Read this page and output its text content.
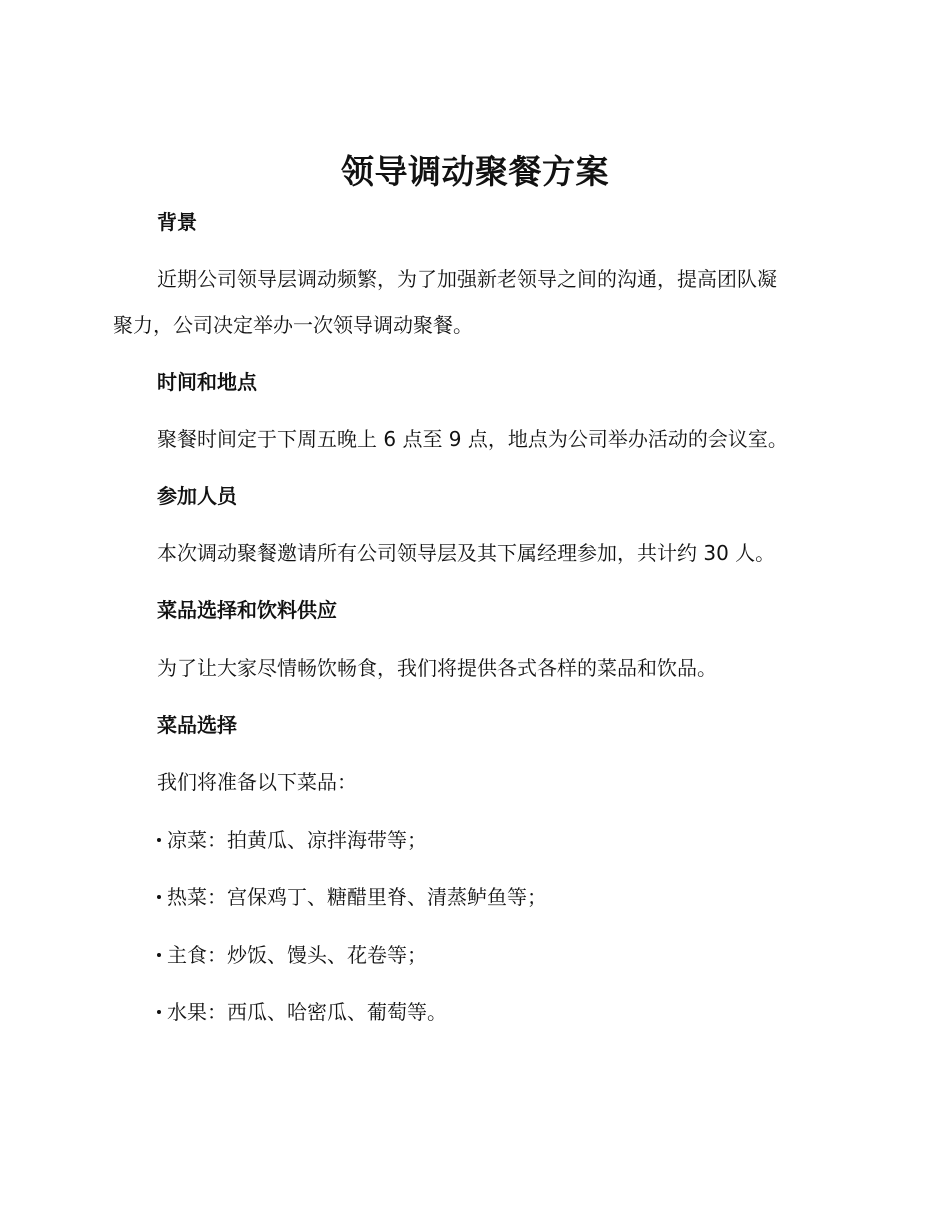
领导调动聚餐方案
背景

近期公司领导层调动频繁，为了加强新老领导之间的沟通，提高团队凝

聚力，公司决定举办一次领导调动聚餐。

时间和地点

聚餐时间定于下周五晚上 6 点至 9 点，地点为公司举办活动的会议室。

参加人员

本次调动聚餐邀请所有公司领导层及其下属经理参加，共计约 30 人。

菜品选择和饮料供应

为了让大家尽情畅饮畅食，我们将提供各式各样的菜品和饮品。

菜品选择

我们将准备以下菜品：

凉菜：拍黄瓜、凉拌海带等；
热菜：宫保鸡丁、糖醋里脊、清蒸鲈鱼等；
主食：炒饭、馒头、花卷等；
水果：西瓜、哈密瓜、葡萄等。
